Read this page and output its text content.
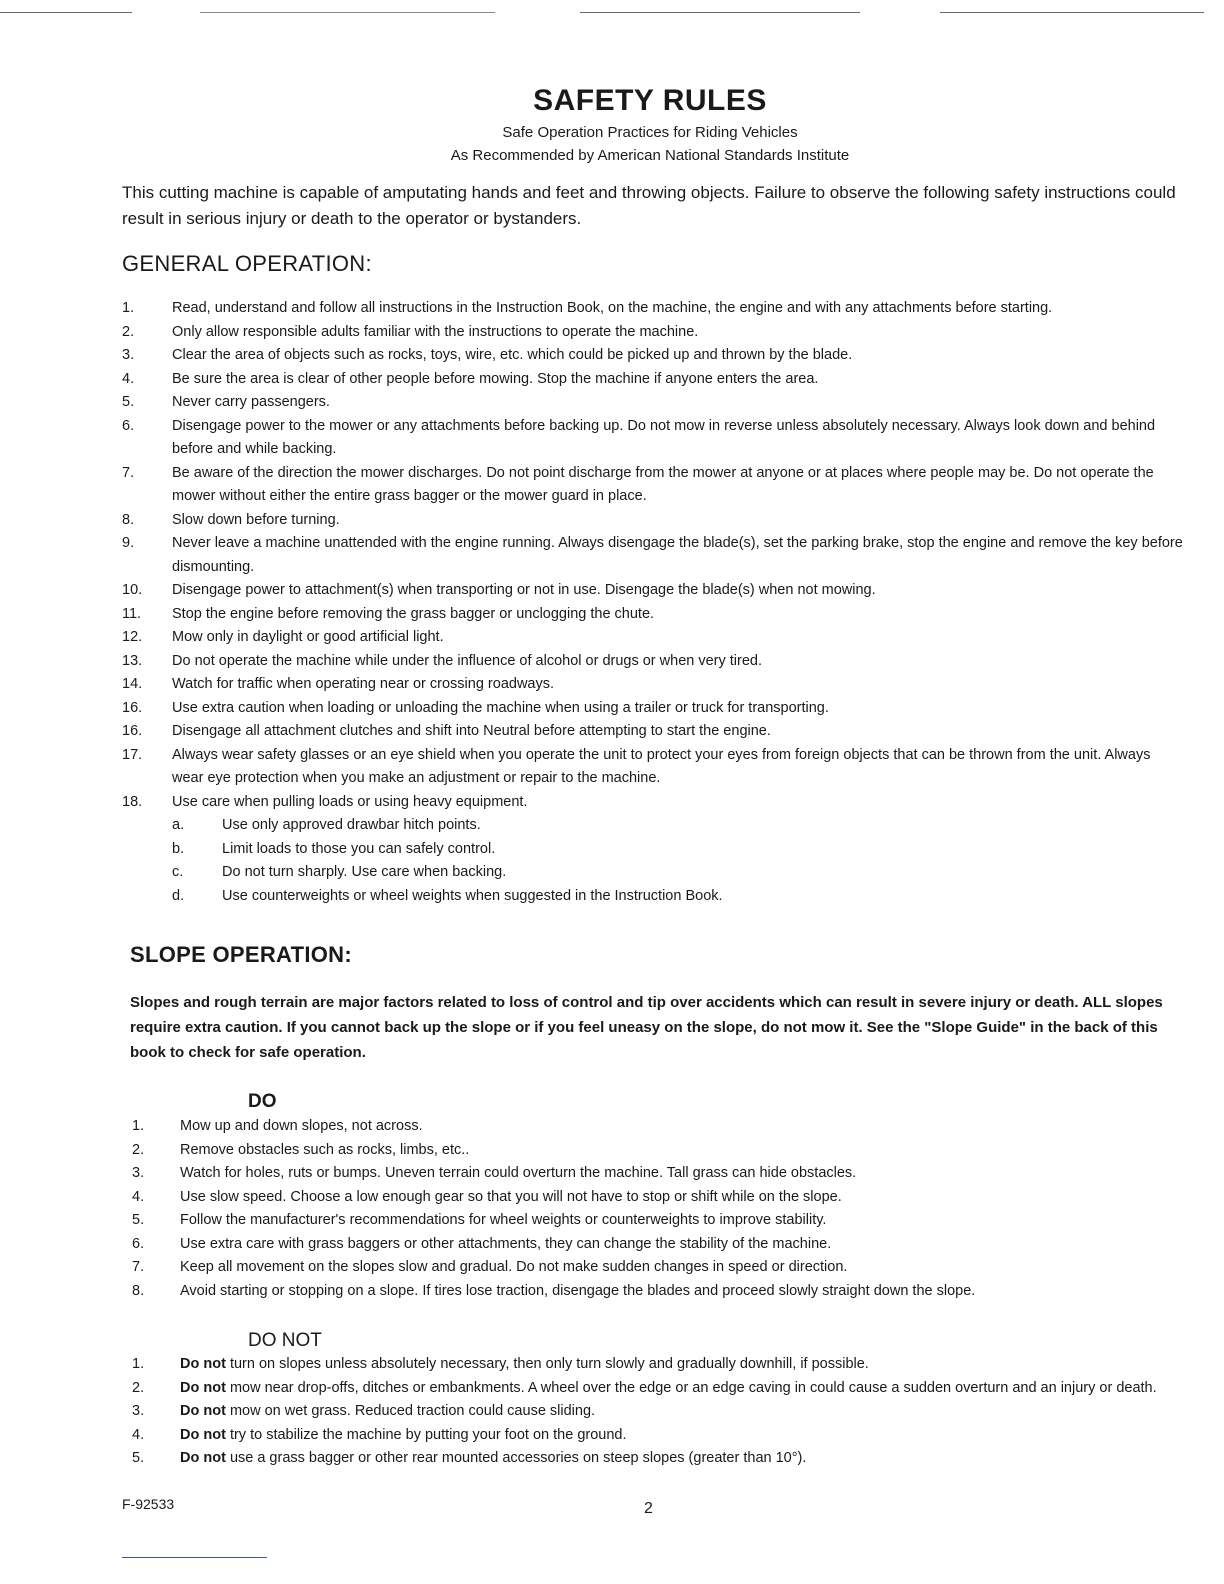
SAFETY RULES
Safe Operation Practices for Riding Vehicles
As Recommended by American National Standards Institute

This cutting machine is capable of amputating hands and feet and throwing objects. Failure to observe the following safety instructions could result in serious injury or death to the operator or bystanders.

GENERAL OPERATION:
1.	Read, understand and follow all instructions in the Instruction Book, on the machine, the engine and with any attachments before starting.
2.	Only allow responsible adults familiar with the instructions to operate the machine.
3.	Clear the area of objects such as rocks, toys, wire, etc. which could be picked up and thrown by the blade.
4.	Be sure the area is clear of other people before mowing. Stop the machine if anyone enters the area.
5.	Never carry passengers.
6.	Disengage power to the mower or any attachments before backing up. Do not mow in reverse unless absolutely necessary. Always look down and behind before and while backing.
7.	Be aware of the direction the mower discharges. Do not point discharge from the mower at anyone or at places where people may be. Do not operate the mower without either the entire grass bagger or the mower guard in place.
8.	Slow down before turning.
9.	Never leave a machine unattended with the engine running. Always disengage the blade(s), set the parking brake, stop the engine and remove the key before dismounting.
10.	Disengage power to attachment(s) when transporting or not in use. Disengage the blade(s) when not mowing.
11.	Stop the engine before removing the grass bagger or unclogging the chute.
12.	Mow only in daylight or good artificial light.
13.	Do not operate the machine while under the influence of alcohol or drugs or when very tired.
14.	Watch for traffic when operating near or crossing roadways.
16.	Use extra caution when loading or unloading the machine when using a trailer or truck for transporting.
16.	Disengage all attachment clutches and shift into Neutral before attempting to start the engine.
17.	Always wear safety glasses or an eye shield when you operate the unit to protect your eyes from foreign objects that can be thrown from the unit. Always wear eye protection when you make an adjustment or repair to the machine.
18.	Use care when pulling loads or using heavy equipment.
a.	Use only approved drawbar hitch points.
b.	Limit loads to those you can safely control.
c.	Do not turn sharply. Use care when backing.
d.	Use counterweights or wheel weights when suggested in the Instruction Book.
SLOPE OPERATION:

Slopes and rough terrain are major factors related to loss of control and tip over accidents which can result in severe injury or death. ALL slopes require extra caution. If you cannot back up the slope or if you feel uneasy on the slope, do not mow it. See the "Slope Guide" in the back of this book to check for safe operation.

DO
1.	Mow up and down slopes, not across.
2.	Remove obstacles such as rocks, limbs, etc..
3.	Watch for holes, ruts or bumps. Uneven terrain could overturn the machine. Tall grass can hide obstacles.
4.	Use slow speed. Choose a low enough gear so that you will not have to stop or shift while on the slope.
5.	Follow the manufacturer's recommendations for wheel weights or counterweights to improve stability.
6.	Use extra care with grass baggers or other attachments, they can change the stability of the machine.
7.	Keep all movement on the slopes slow and gradual. Do not make sudden changes in speed or direction.
8.	Avoid starting or stopping on a slope. If tires lose traction, disengage the blades and proceed slowly straight down the slope.
DO NOT
1.	Do not turn on slopes unless absolutely necessary, then only turn slowly and gradually downhill, if possible.
2.	Do not mow near drop-offs, ditches or embankments. A wheel over the edge or an edge caving in could cause a sudden overturn and an injury or death.
3.	Do not mow on wet grass. Reduced traction could cause sliding.
4.	Do not try to stabilize the machine by putting your foot on the ground.
5.	Do not use a grass bagger or other rear mounted accessories on steep slopes (greater than 10°).
F-92533	2
